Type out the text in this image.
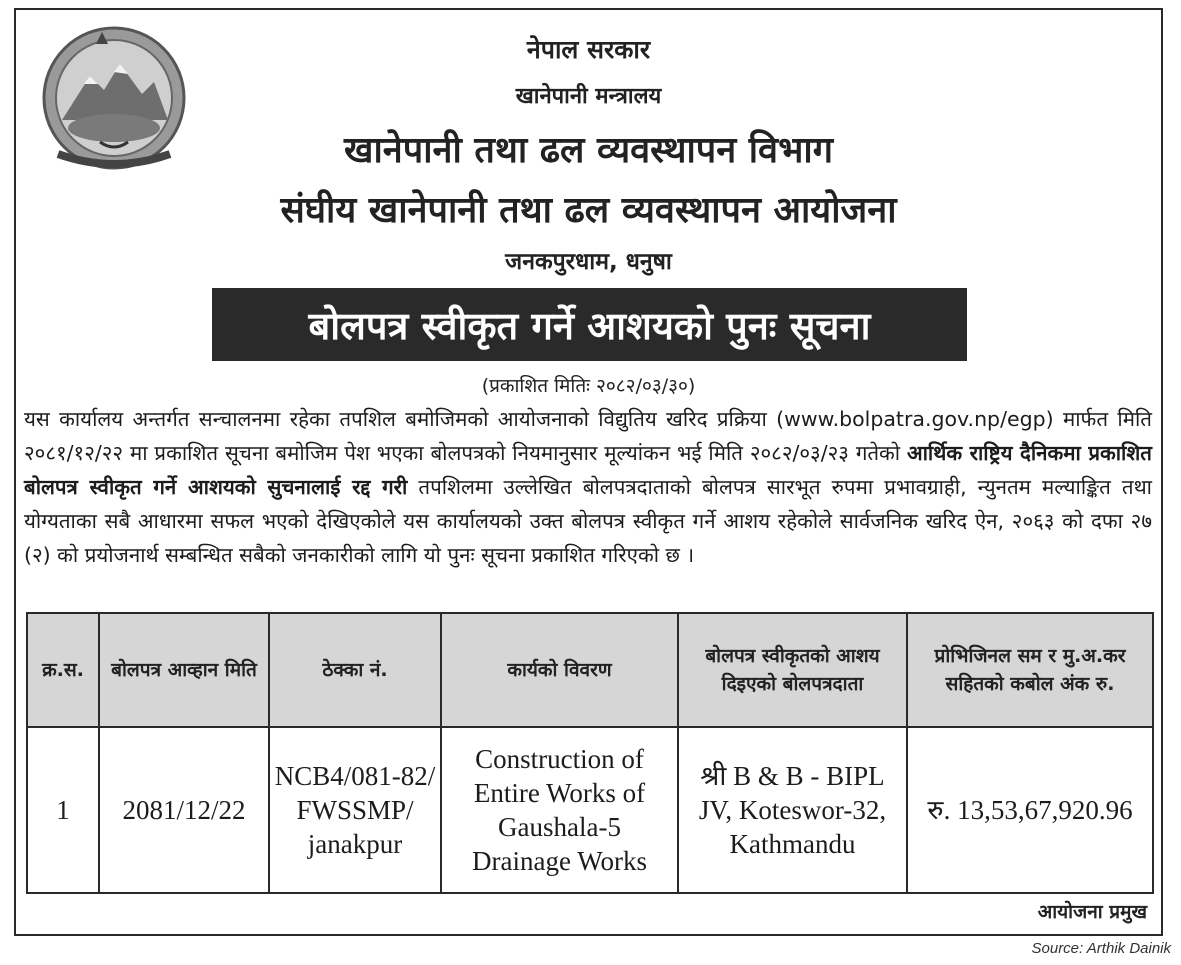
नेपाल सरकार
खानेपानी मन्त्रालय
खानेपानी तथा ढल व्यवस्थापन विभाग
संघीय खानेपानी तथा ढल व्यवस्थापन आयोजना
जनकपुरधाम, धनुषा
बोलपत्र स्वीकृत गर्ने आशयको पुनः सूचना
(प्रकाशित मितिः २०८२/०३/३०)
यस कार्यालय अन्तर्गत सन्चालनमा रहेका तपशिल बमोजिमको आयोजनाको विद्युतिय खरिद प्रक्रिया (www.bolpatra.gov.np/egp) मार्फत मिति २०८१/१२/२२ मा प्रकाशित सूचना बमोजिम पेश भएका बोलपत्रको नियमानुसार मूल्यांकन भई मिति २०८२/०३/२३ गतेको आर्थिक राष्ट्रिय दैनिकमा प्रकाशित बोलपत्र स्वीकृत गर्ने आशयको सुचनालाई रद्द गरी तपशिलमा उल्लेखित बोलपत्रदाताको बोलपत्र सारभूत रुपमा प्रभावग्राही, न्युनतम मल्याङ्कित तथा योग्यताका सबै आधारमा सफल भएको देखिएकोले यस कार्यालयको उक्त बोलपत्र स्वीकृत गर्ने आशय रहेकोले सार्वजनिक खरिद ऐन, २०६३ को दफा २७ (२) को प्रयोजनार्थ सम्बन्धित सबैको जनकारीको लागि यो पुनः सूचना प्रकाशित गरिएको छ ।
क्र.स.	बोलपत्र आव्हान मिति	ठेक्का नं.	कार्यको विवरण	बोलपत्र स्वीकृतको आशय दिइएको बोलपत्रदाता	प्रोभिजिनल सम र मु.अ.कर सहितको कबोल अंक रु.
1	2081/12/22	NCB4/081-82/ FWSSMP/ janakpur	Construction of Entire Works of Gaushala-5 Drainage Works	श्री B & B - BIPL JV, Koteswor-32, Kathmandu	रु. 13,53,67,920.96
आयोजना प्रमुख
Source: Arthik Dainik
